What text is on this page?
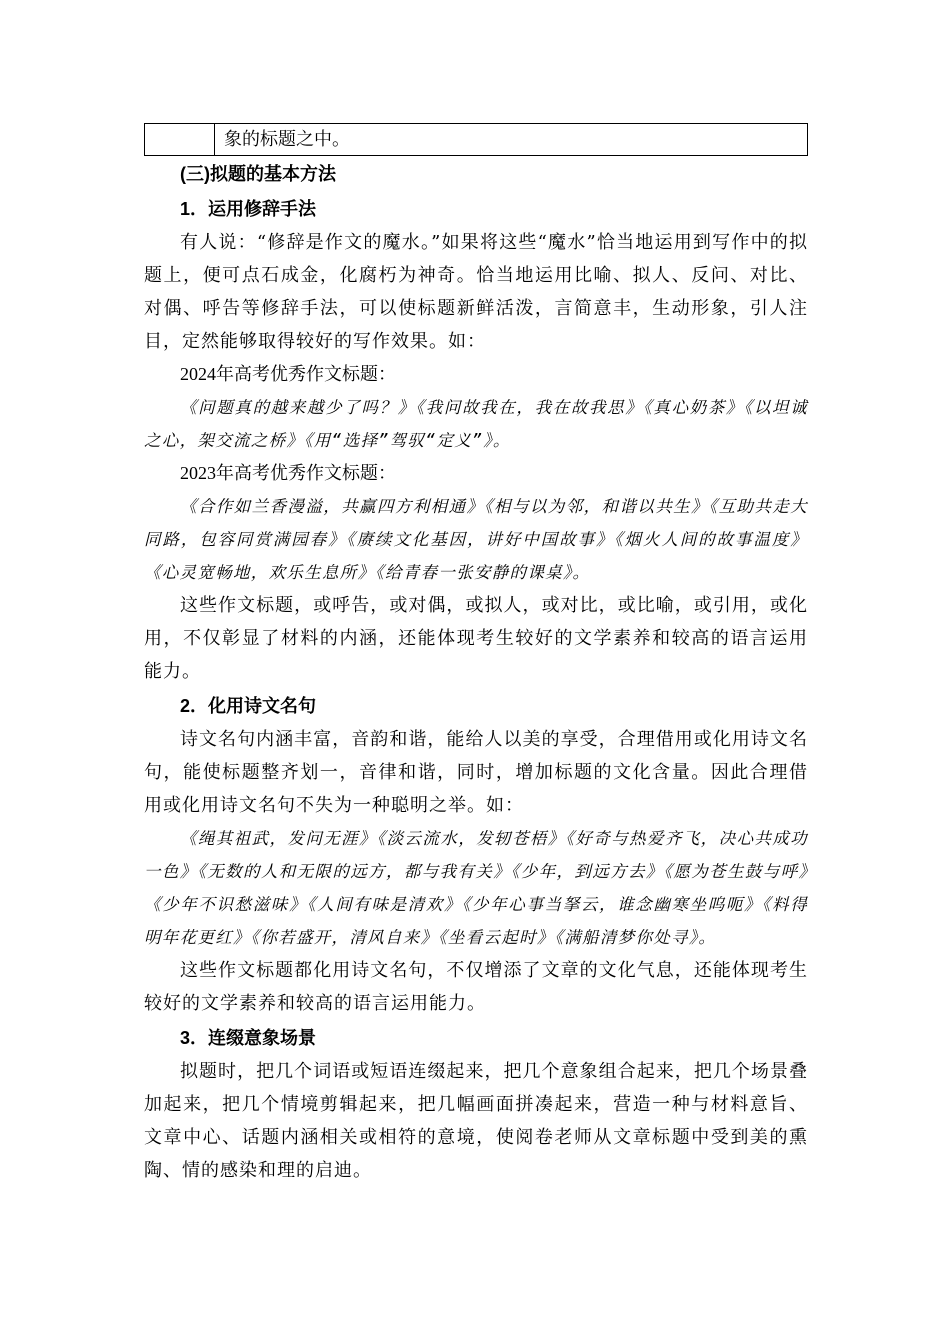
象的标题之中。
(三)拟题的基本方法
1．运用修辞手法

有人说：“修辞是作文的魔水。”如果将这些“魔水”恰当地运用到写作中的拟题上，便可点石成金，化腐朽为神奇。恰当地运用比喻、拟人、反问、对比、对偶、呼告等修辞手法，可以使标题新鲜活泼，言简意丰，生动形象，引人注目，定然能够取得较好的写作效果。如：

2024年高考优秀作文标题：

《问题真的越来越少了吗？》《我问故我在，我在故我思》《真心奶茶》《以坦诚之心，架交流之桥》《用“选择”驾驭“定义”》。

2023年高考优秀作文标题：

《合作如兰香漫溢，共赢四方利相通》《相与以为邻，和谐以共生》《互助共走大同路，包容同赏满园春》《赓续文化基因，讲好中国故事》《烟火人间的故事温度》《心灵宽畅地，欢乐生息所》《给青春一张安静的课桌》。

这些作文标题，或呼告，或对偶，或拟人，或对比，或比喻，或引用，或化用，不仅彰显了材料的内涵，还能体现考生较好的文学素养和较高的语言运用能力。

2．化用诗文名句

诗文名句内涵丰富，音韵和谐，能给人以美的享受，合理借用或化用诗文名句，能使标题整齐划一，音律和谐，同时，增加标题的文化含量。因此合理借用或化用诗文名句不失为一种聪明之举。如：

《绳其祖武，发问无涯》《淡云流水，发轫苍梧》《好奇与热爱齐飞，决心共成功一色》《无数的人和无限的远方，都与我有关》《少年，到远方去》《愿为苍生鼓与呼》《少年不识愁滋味》《人间有味是清欢》《少年心事当拏云，谁念幽寒坐呜呃》《料得明年花更红》《你若盛开，清风自来》《坐看云起时》《满船清梦你处寻》。

这些作文标题都化用诗文名句，不仅增添了文章的文化气息，还能体现考生较好的文学素养和较高的语言运用能力。

3．连缀意象场景

拟题时，把几个词语或短语连缀起来，把几个意象组合起来，把几个场景叠加起来，把几个情境剪辑起来，把几幅画面拼凑起来，营造一种与材料意旨、文章中心、话题内涵相关或相符的意境，使阅卷老师从文章标题中受到美的熏陶、情的感染和理的启迪。
